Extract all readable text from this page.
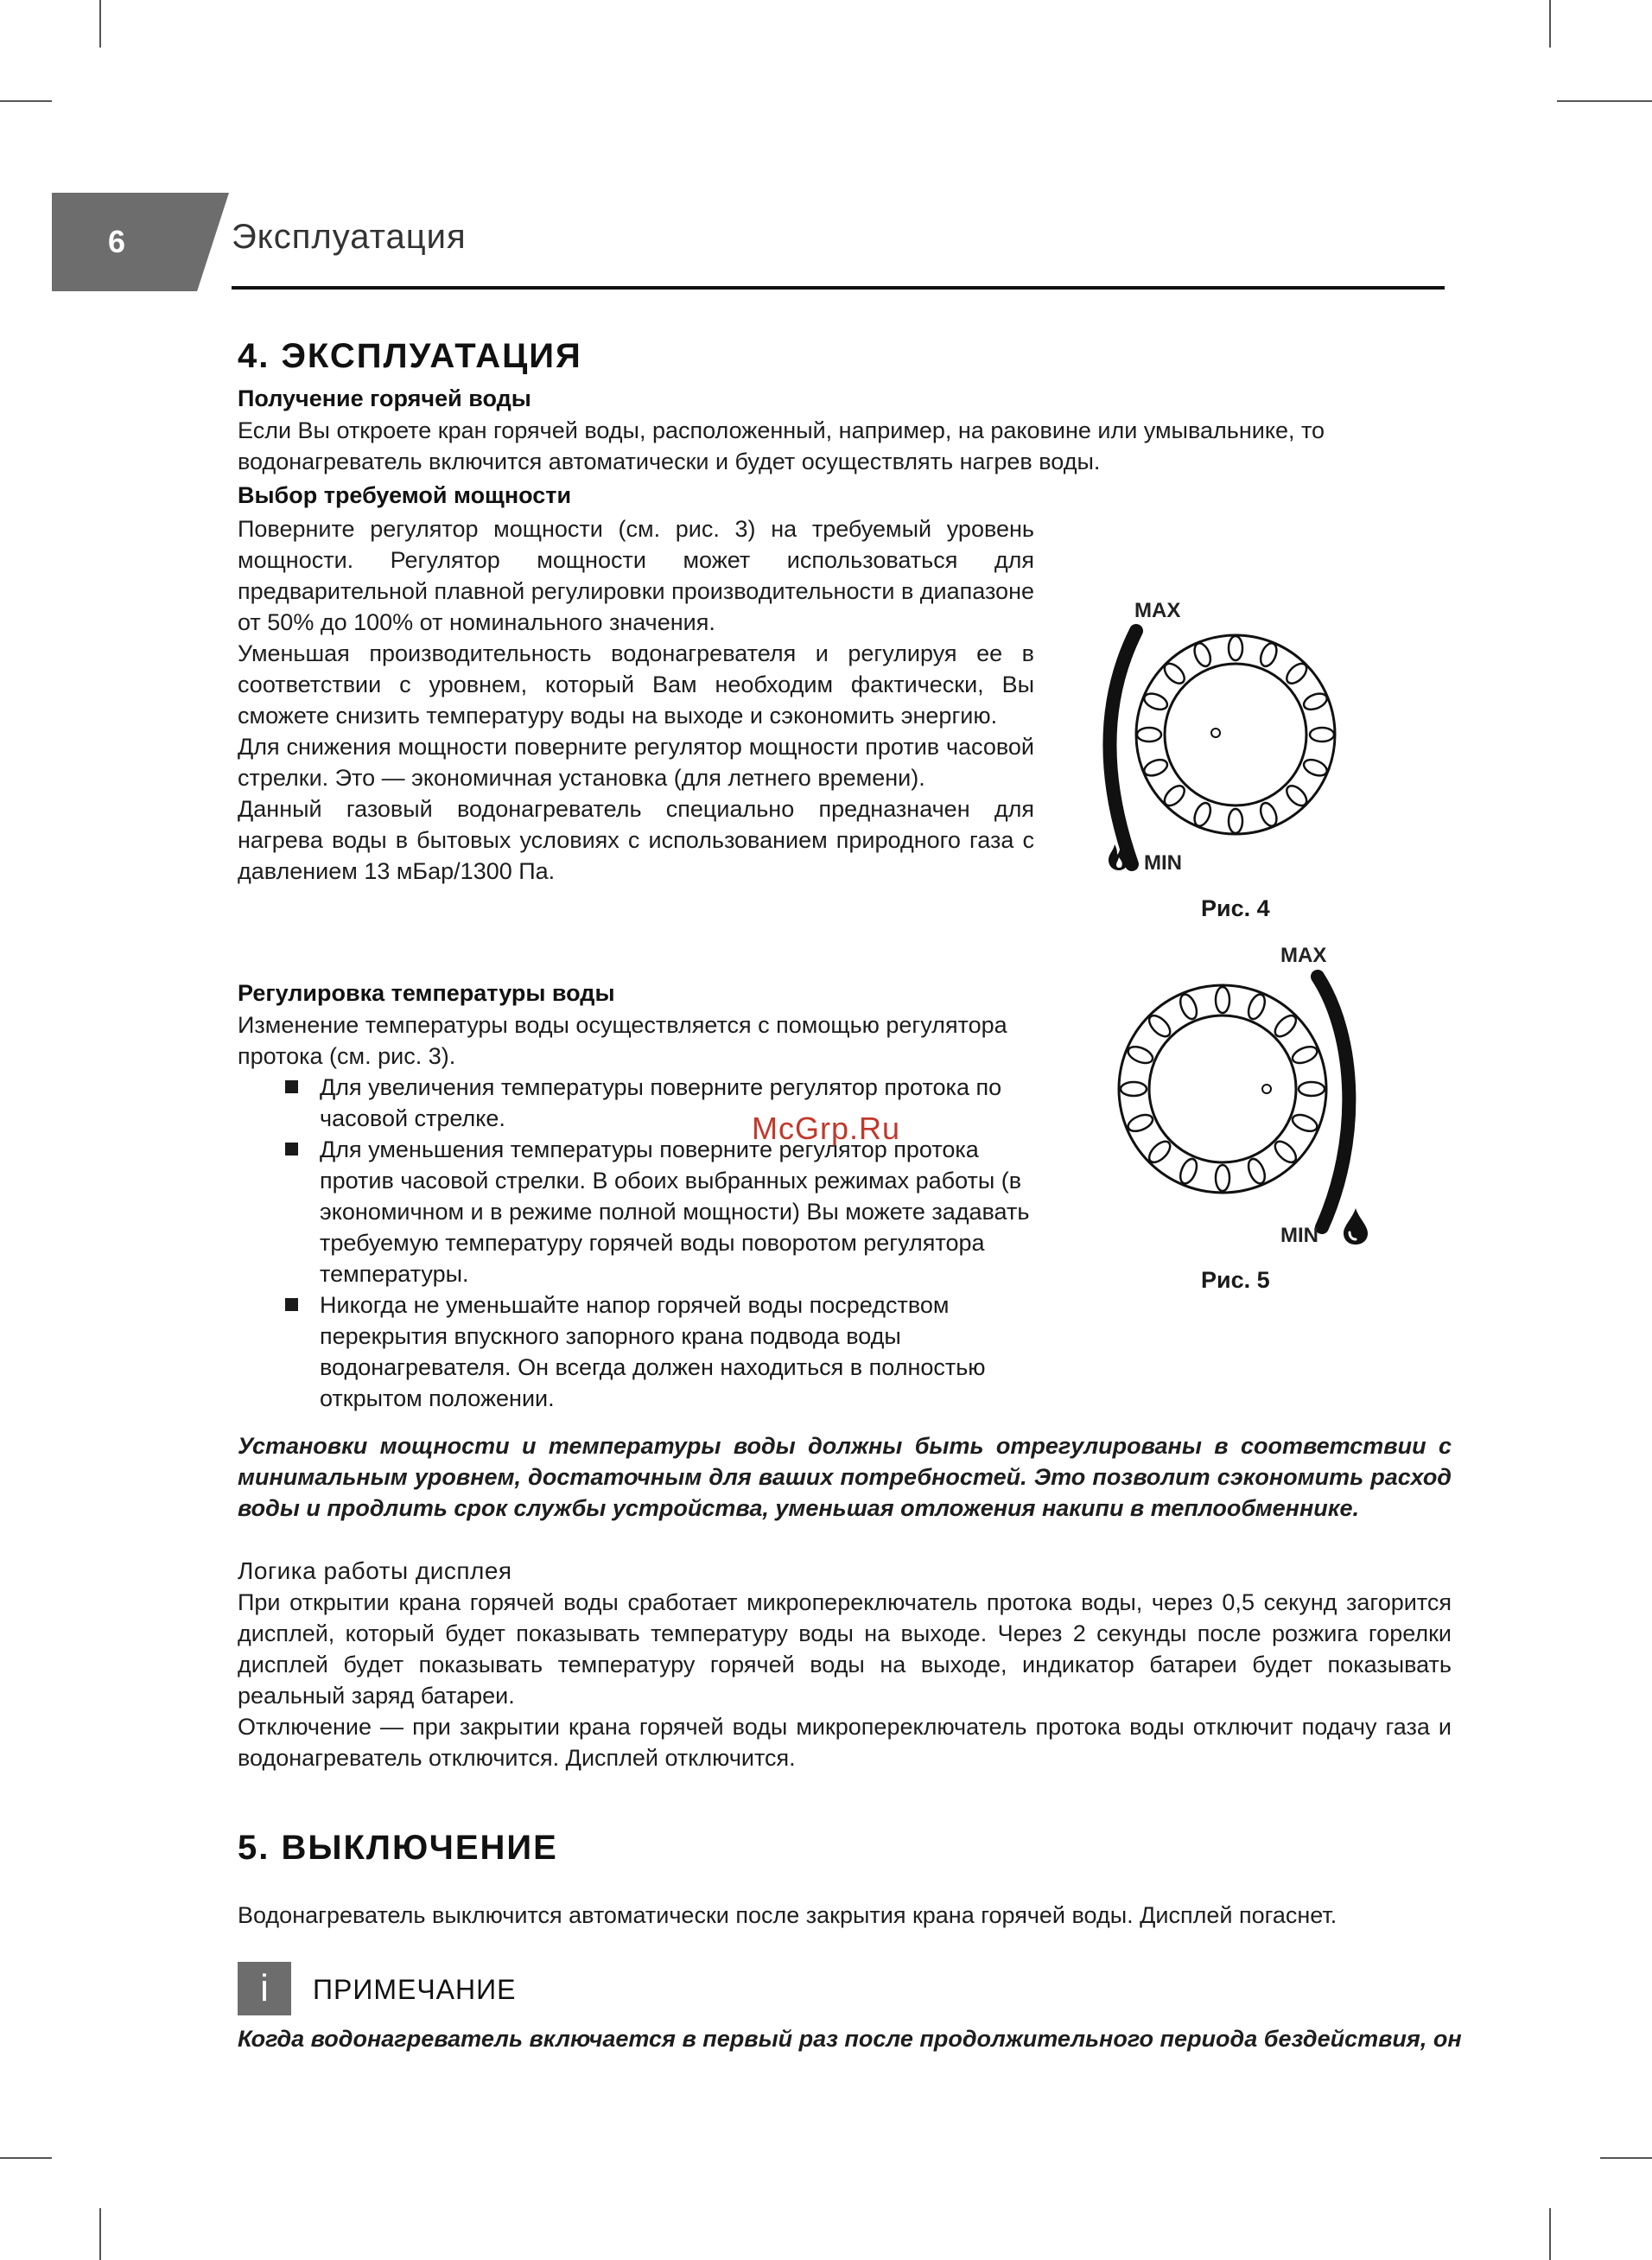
6	Эксплуатация
4. ЭКСПЛУАТАЦИЯ
Получение горячей воды
Если Вы откроете кран горячей воды, расположенный, например, на раковине или умывальнике, то водонагреватель включится автоматически и будет осуществлять нагрев воды.
Выбор требуемой мощности

Поверните регулятор мощности (см. рис. 3) на требуемый уровень мощности. Регулятор мощности может использоваться для предварительной плавной регулировки производительности в диапазоне от 50% до 100% от номинального значения.

Уменьшая производительность водонагревателя и регулируя ее в соответствии с уровнем, который Вам необходим фактически, Вы сможете снизить температуру воды на выходе и сэкономить энергию.

Для снижения мощности поверните регулятор мощности против часовой стрелки. Это — экономичная установка (для летнего времени).

Данный газовый водонагреватель специально предназначен для нагрева воды в бытовых условиях с использованием природного газа с давлением 13 мБар/1300 Па.

Регулировка температуры воды
Изменение температуры воды осуществляется с помощью регулятора протока (см. рис. 3).
Для увеличения температуры поверните регулятор протока по часовой стрелке.
Для уменьшения температуры поверните регулятор протока против часовой стрелки. В обоих выбранных режимах работы (в экономичном и в режиме полной мощности) Вы можете задавать требуемую температуру горячей воды поворотом регулятора температуры.
Никогда не уменьшайте напор горячей воды посредством перекрытия впускного запорного крана подвода воды водонагревателя. Он всегда должен находиться в полностью открытом положении.
Установки мощности и температуры воды должны быть отрегулированы в соответствии с минимальным уровнем, достаточным для ваших потребностей. Это позволит сэкономить расход воды и продлить срок службы устройства, уменьшая отложения накипи в теплообменнике.
Логика работы дисплея

При открытии крана горячей воды сработает микропереключатель протока воды, через 0,5 секунд загорится дисплей, который будет показывать температуру воды на выходе. Через 2 секунды после розжига горелки дисплей будет показывать температуру горячей воды на выходе, индикатор батареи будет показывать реальный заряд батареи.

Отключение — при закрытии крана горячей воды микропереключатель протока воды отключит подачу газа и водонагреватель отключится. Дисплей отключится.

MAX
MIN
Рис. 4
MAX
MIN
Рис. 5
McGrp.Ru
5. ВЫКЛЮЧЕНИЕ
Водонагреватель выключится автоматически после закрытия крана горячей воды. Дисплей погаснет.
i	ПРИМЕЧАНИЕ
Когда водонагреватель включается в первый раз после продолжительного периода бездействия, он
